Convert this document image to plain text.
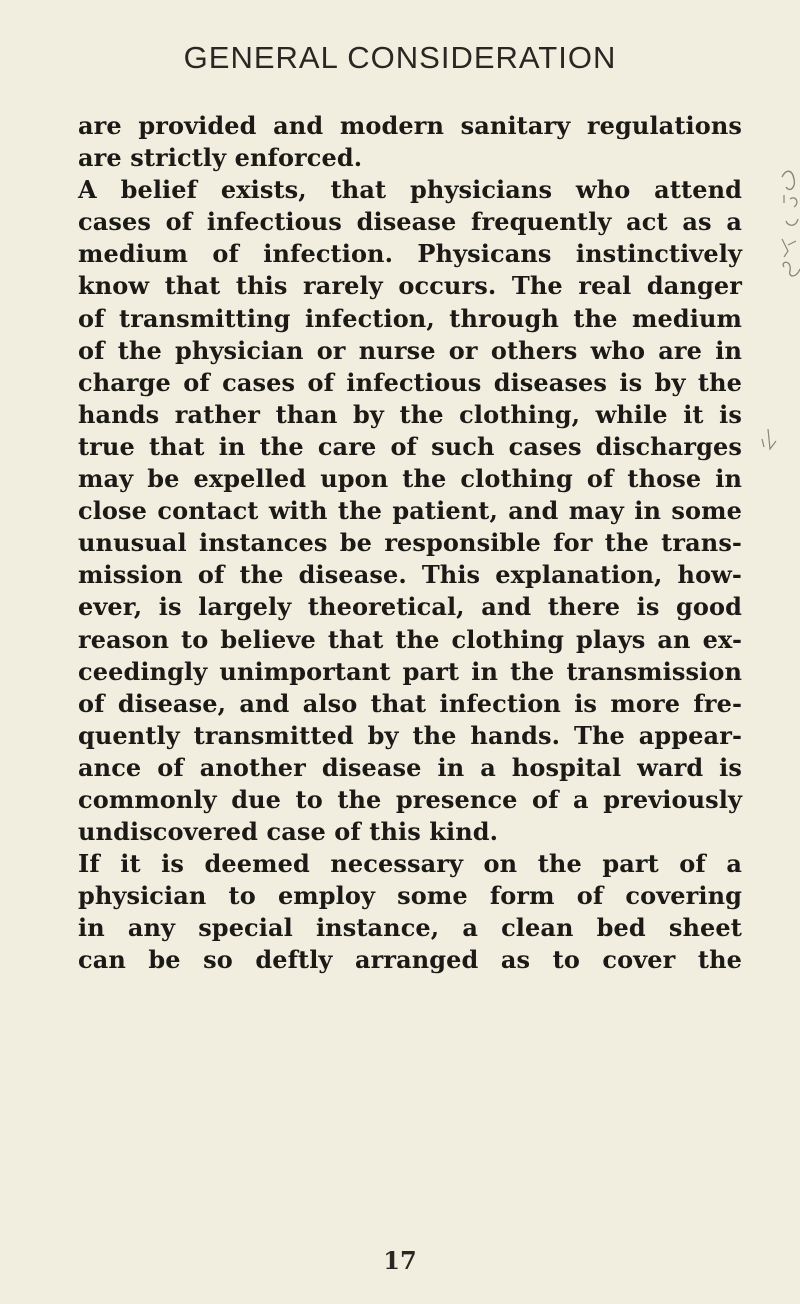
GENERAL CONSIDERATION
are provided and modern sanitary regulations
are strictly enforced.
A belief exists, that physicians who attend
cases of infectious disease frequently act as a
medium of infection. Physicans instinctively
know that this rarely occurs. The real danger
of transmitting infection, through the medium
of the physician or nurse or others who are in
charge of cases of infectious diseases is by the
hands rather than by the clothing, while it is
true that in the care of such cases discharges
may be expelled upon the clothing of those in
close contact with the patient, and may in some
unusual instances be responsible for the trans-
mission of the disease. This explanation, how-
ever, is largely theoretical, and there is good
reason to believe that the clothing plays an ex-
ceedingly unimportant part in the transmission
of disease, and also that infection is more fre-
quently transmitted by the hands. The appear-
ance of another disease in a hospital ward is
commonly due to the presence of a previously
undiscovered case of this kind.
If it is deemed necessary on the part of a
physician to employ some form of covering
in any special instance, a clean bed sheet
can be so deftly arranged as to cover the
17
